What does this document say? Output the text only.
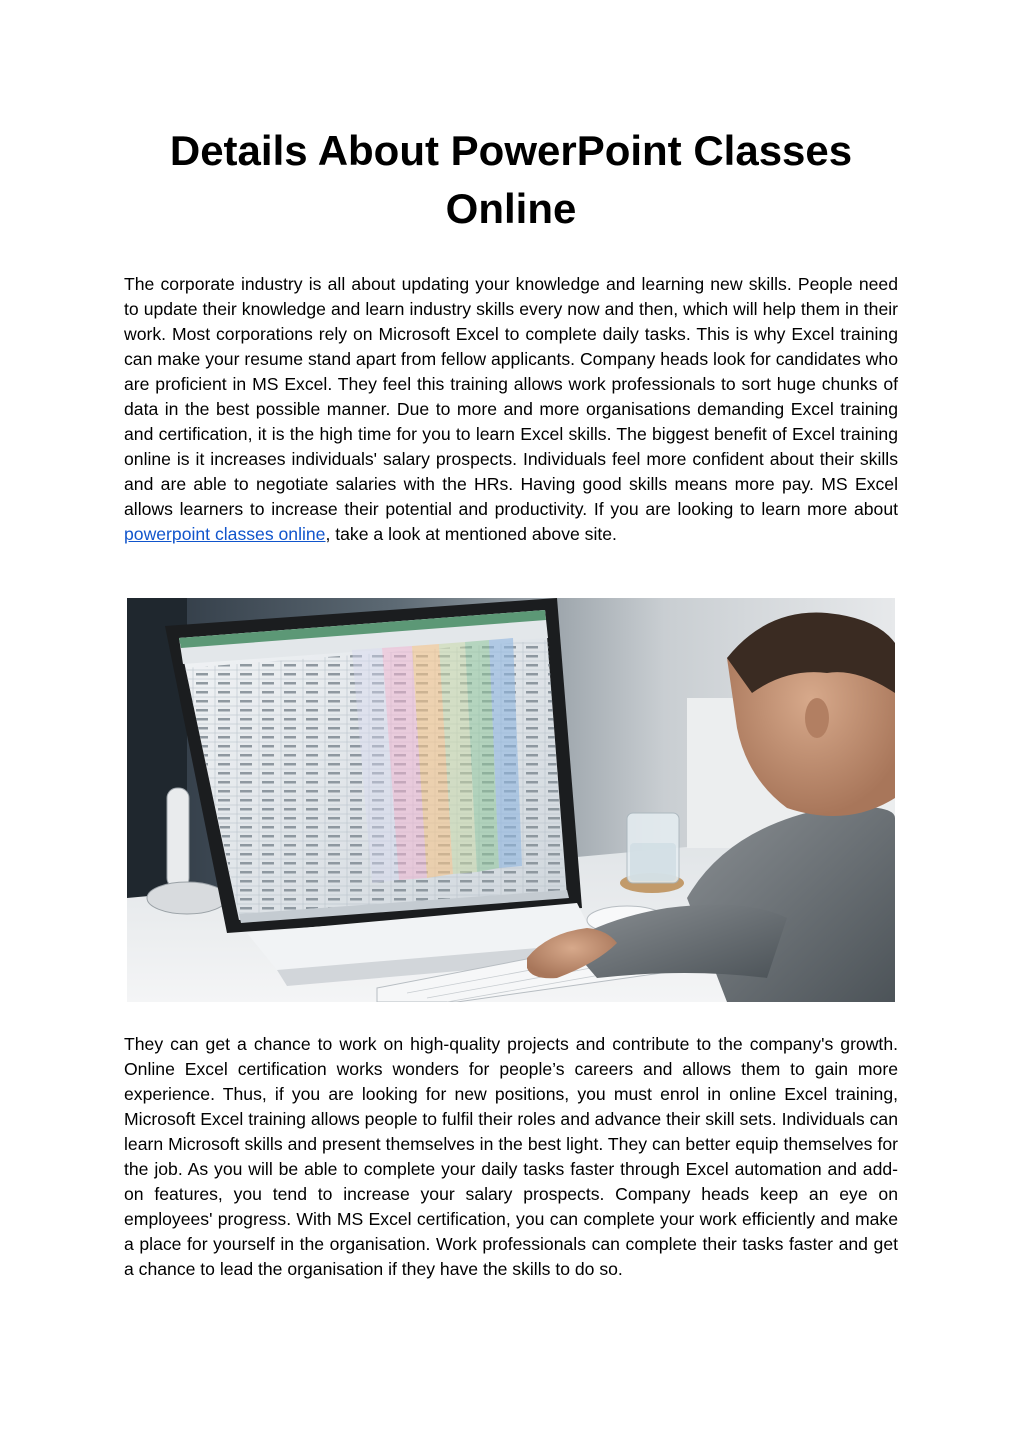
Details About PowerPoint Classes Online

The corporate industry is all about updating your knowledge and learning new skills. People need to update their knowledge and learn industry skills every now and then, which will help them in their work. Most corporations rely on Microsoft Excel to complete daily tasks. This is why Excel training can make your resume stand apart from fellow applicants. Company heads look for candidates who are proficient in MS Excel. They feel this training allows work professionals to sort huge chunks of data in the best possible manner. Due to more and more organisations demanding Excel training and certification, it is the high time for you to learn Excel skills. The biggest benefit of Excel training online is it increases individuals' salary prospects. Individuals feel more confident about their skills and are able to negotiate salaries with the HRs. Having good skills means more pay. MS Excel allows learners to increase their potential and productivity. If you are looking to learn more about powerpoint classes online, take a look at mentioned above site.

They can get a chance to work on high-quality projects and contribute to the company's growth. Online Excel certification works wonders for people’s careers and allows them to gain more experience. Thus, if you are looking for new positions, you must enrol in online Excel training, Microsoft Excel training allows people to fulfil their roles and advance their skill sets. Individuals can learn Microsoft skills and present themselves in the best light. They can better equip themselves for the job. As you will be able to complete your daily tasks faster through Excel automation and add-on features, you tend to increase your salary prospects. Company heads keep an eye on employees' progress. With MS Excel certification, you can complete your work efficiently and make a place for yourself in the organisation. Work professionals can complete their tasks faster and get a chance to lead the organisation if they have the skills to do so.
